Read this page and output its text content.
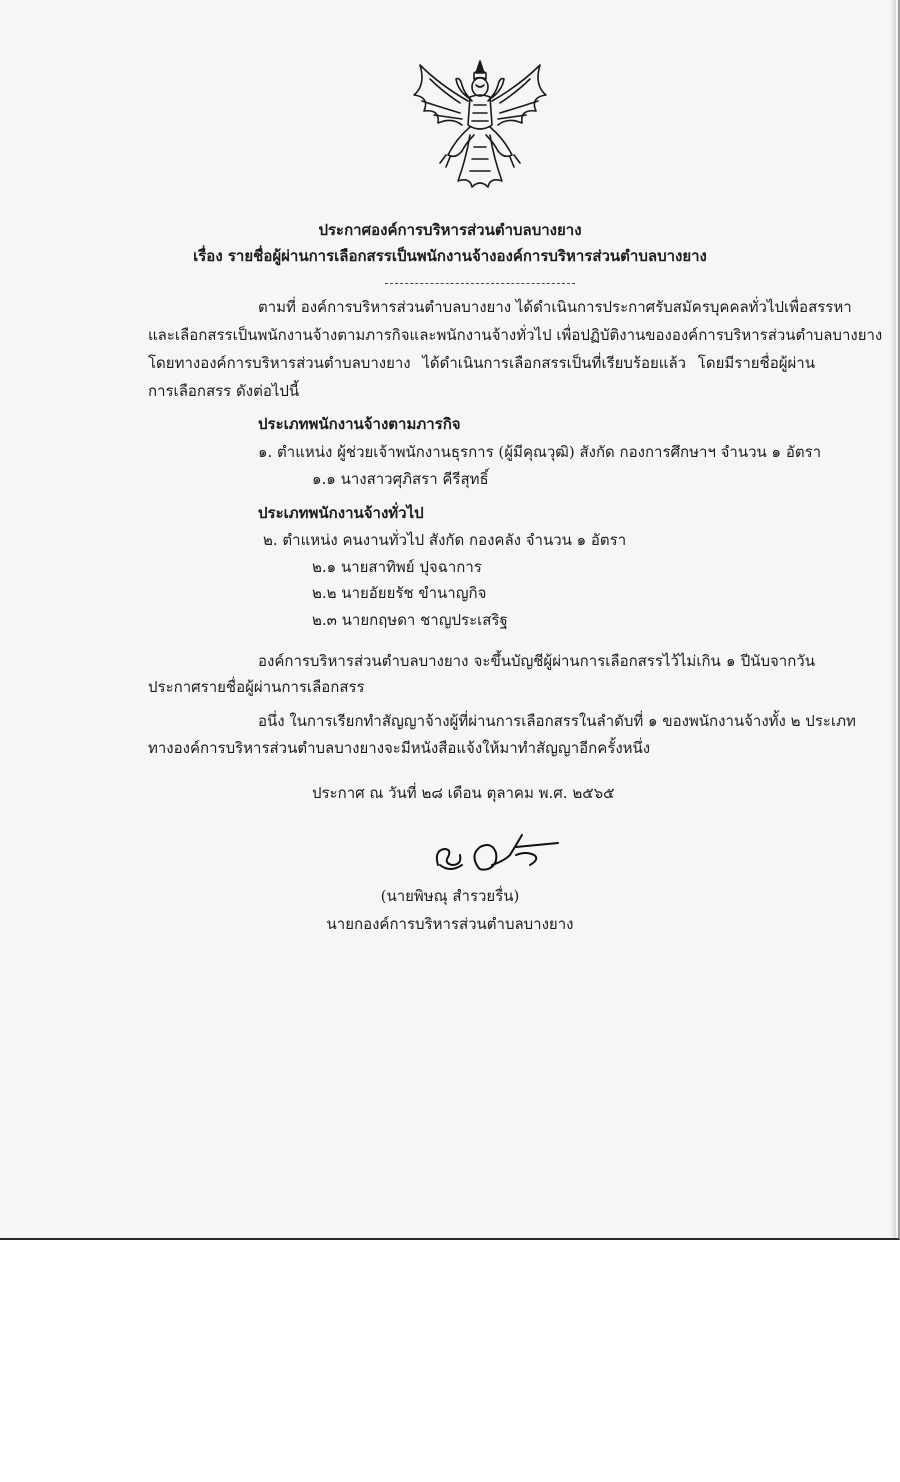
ประกาศองค์การบริหารส่วนตำบลบางยาง
เรื่อง รายชื่อผู้ผ่านการเลือกสรรเป็นพนักงานจ้างองค์การบริหารส่วนตำบลบางยาง
ตามที่ องค์การบริหารส่วนตำบลบางยาง ได้ดำเนินการประกาศรับสมัครบุคคลทั่วไปเพื่อสรรหา
และเลือกสรรเป็นพนักงานจ้างตามภารกิจและพนักงานจ้างทั่วไป เพื่อปฏิบัติงานขององค์การบริหารส่วนตำบลบางยาง
โดยทางองค์การบริหารส่วนตำบลบางยาง ได้ดำเนินการเลือกสรรเป็นที่เรียบร้อยแล้ว โดยมีรายชื่อผู้ผ่าน
การเลือกสรร ดังต่อไปนี้
ประเภทพนักงานจ้างตามภารกิจ
๑. ตำแหน่ง ผู้ช่วยเจ้าพนักงานธุรการ (ผู้มีคุณวุฒิ) สังกัด กองการศึกษาฯ จำนวน ๑ อัตรา
๑.๑ นางสาวศุภิสรา คีรีสุทธิ์
ประเภทพนักงานจ้างทั่วไป
๒. ตำแหน่ง คนงานทั่วไป สังกัด กองคลัง จำนวน ๑ อัตรา
๒.๑ นายสาทิพย์ ปุจฉาการ
๒.๒ นายอัยยรัช ขำนาญกิจ
๒.๓ นายกฤษดา ชาญประเสริฐ
องค์การบริหารส่วนตำบลบางยาง จะขึ้นบัญชีผู้ผ่านการเลือกสรรไว้ไม่เกิน ๑ ปีนับจากวัน
ประกาศรายชื่อผู้ผ่านการเลือกสรร
อนึ่ง ในการเรียกทำสัญญาจ้างผู้ที่ผ่านการเลือกสรรในลำดับที่ ๑ ของพนักงานจ้างทั้ง ๒ ประเภท
ทางองค์การบริหารส่วนตำบลบางยางจะมีหนังสือแจ้งให้มาทำสัญญาอีกครั้งหนึ่ง
ประกาศ ณ วันที่ ๒๘ เดือน ตุลาคม พ.ศ. ๒๕๖๕
(นายพิษณุ สำรวยรื่น)
นายกองค์การบริหารส่วนตำบลบางยาง
